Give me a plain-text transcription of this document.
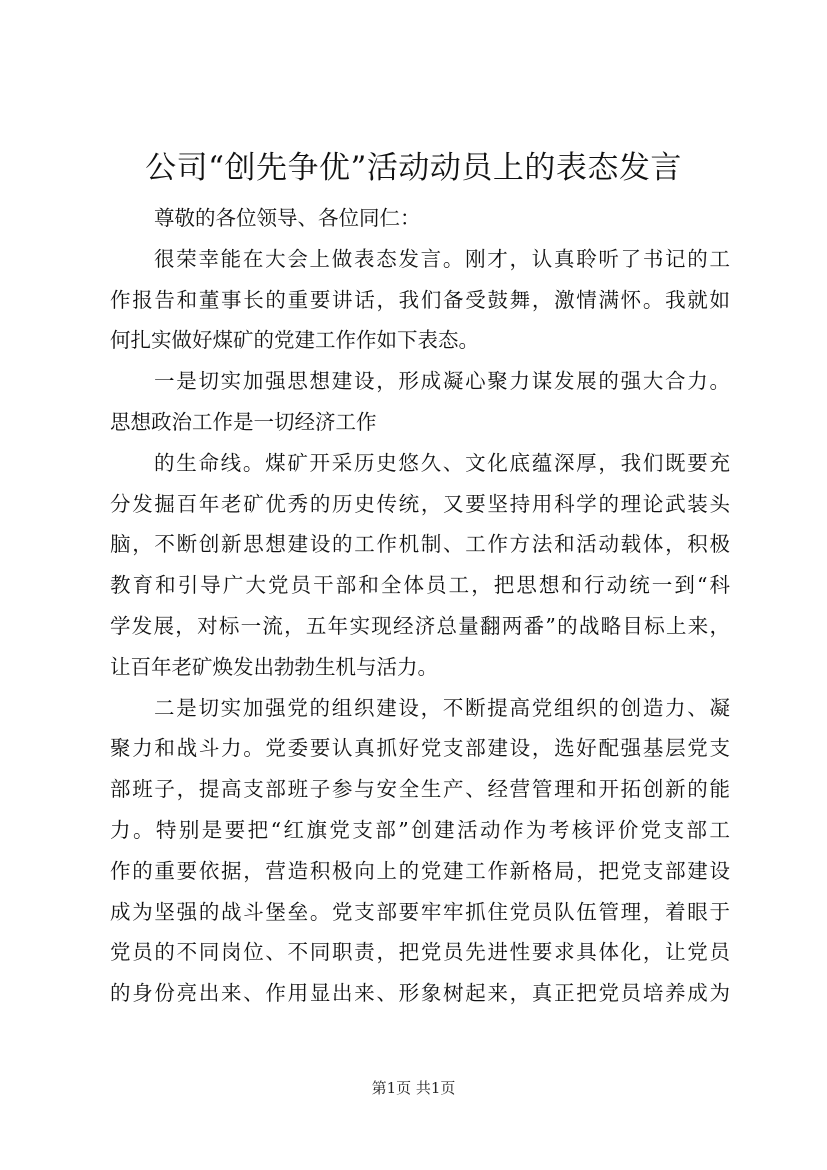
公司“创先争优”活动动员上的表态发言
尊敬的各位领导、各位同仁：
很荣幸能在大会上做表态发言。刚才，认真聆听了书记的工
作报告和董事长的重要讲话，我们备受鼓舞，激情满怀。我就如
何扎实做好煤矿的党建工作作如下表态。
一是切实加强思想建设，形成凝心聚力谋发展的强大合力。
思想政治工作是一切经济工作
的生命线。煤矿开采历史悠久、文化底蕴深厚，我们既要充
分发掘百年老矿优秀的历史传统，又要坚持用科学的理论武装头
脑，不断创新思想建设的工作机制、工作方法和活动载体，积极
教育和引导广大党员干部和全体员工，把思想和行动统一到“科
学发展，对标一流，五年实现经济总量翻两番”的战略目标上来，
让百年老矿焕发出勃勃生机与活力。
二是切实加强党的组织建设，不断提高党组织的创造力、凝
聚力和战斗力。党委要认真抓好党支部建设，选好配强基层党支
部班子，提高支部班子参与安全生产、经营管理和开拓创新的能
力。特别是要把“红旗党支部”创建活动作为考核评价党支部工
作的重要依据，营造积极向上的党建工作新格局，把党支部建设
成为坚强的战斗堡垒。党支部要牢牢抓住党员队伍管理，着眼于
党员的不同岗位、不同职责，把党员先进性要求具体化，让党员
的身份亮出来、作用显出来、形象树起来，真正把党员培养成为
第1页 共1页
